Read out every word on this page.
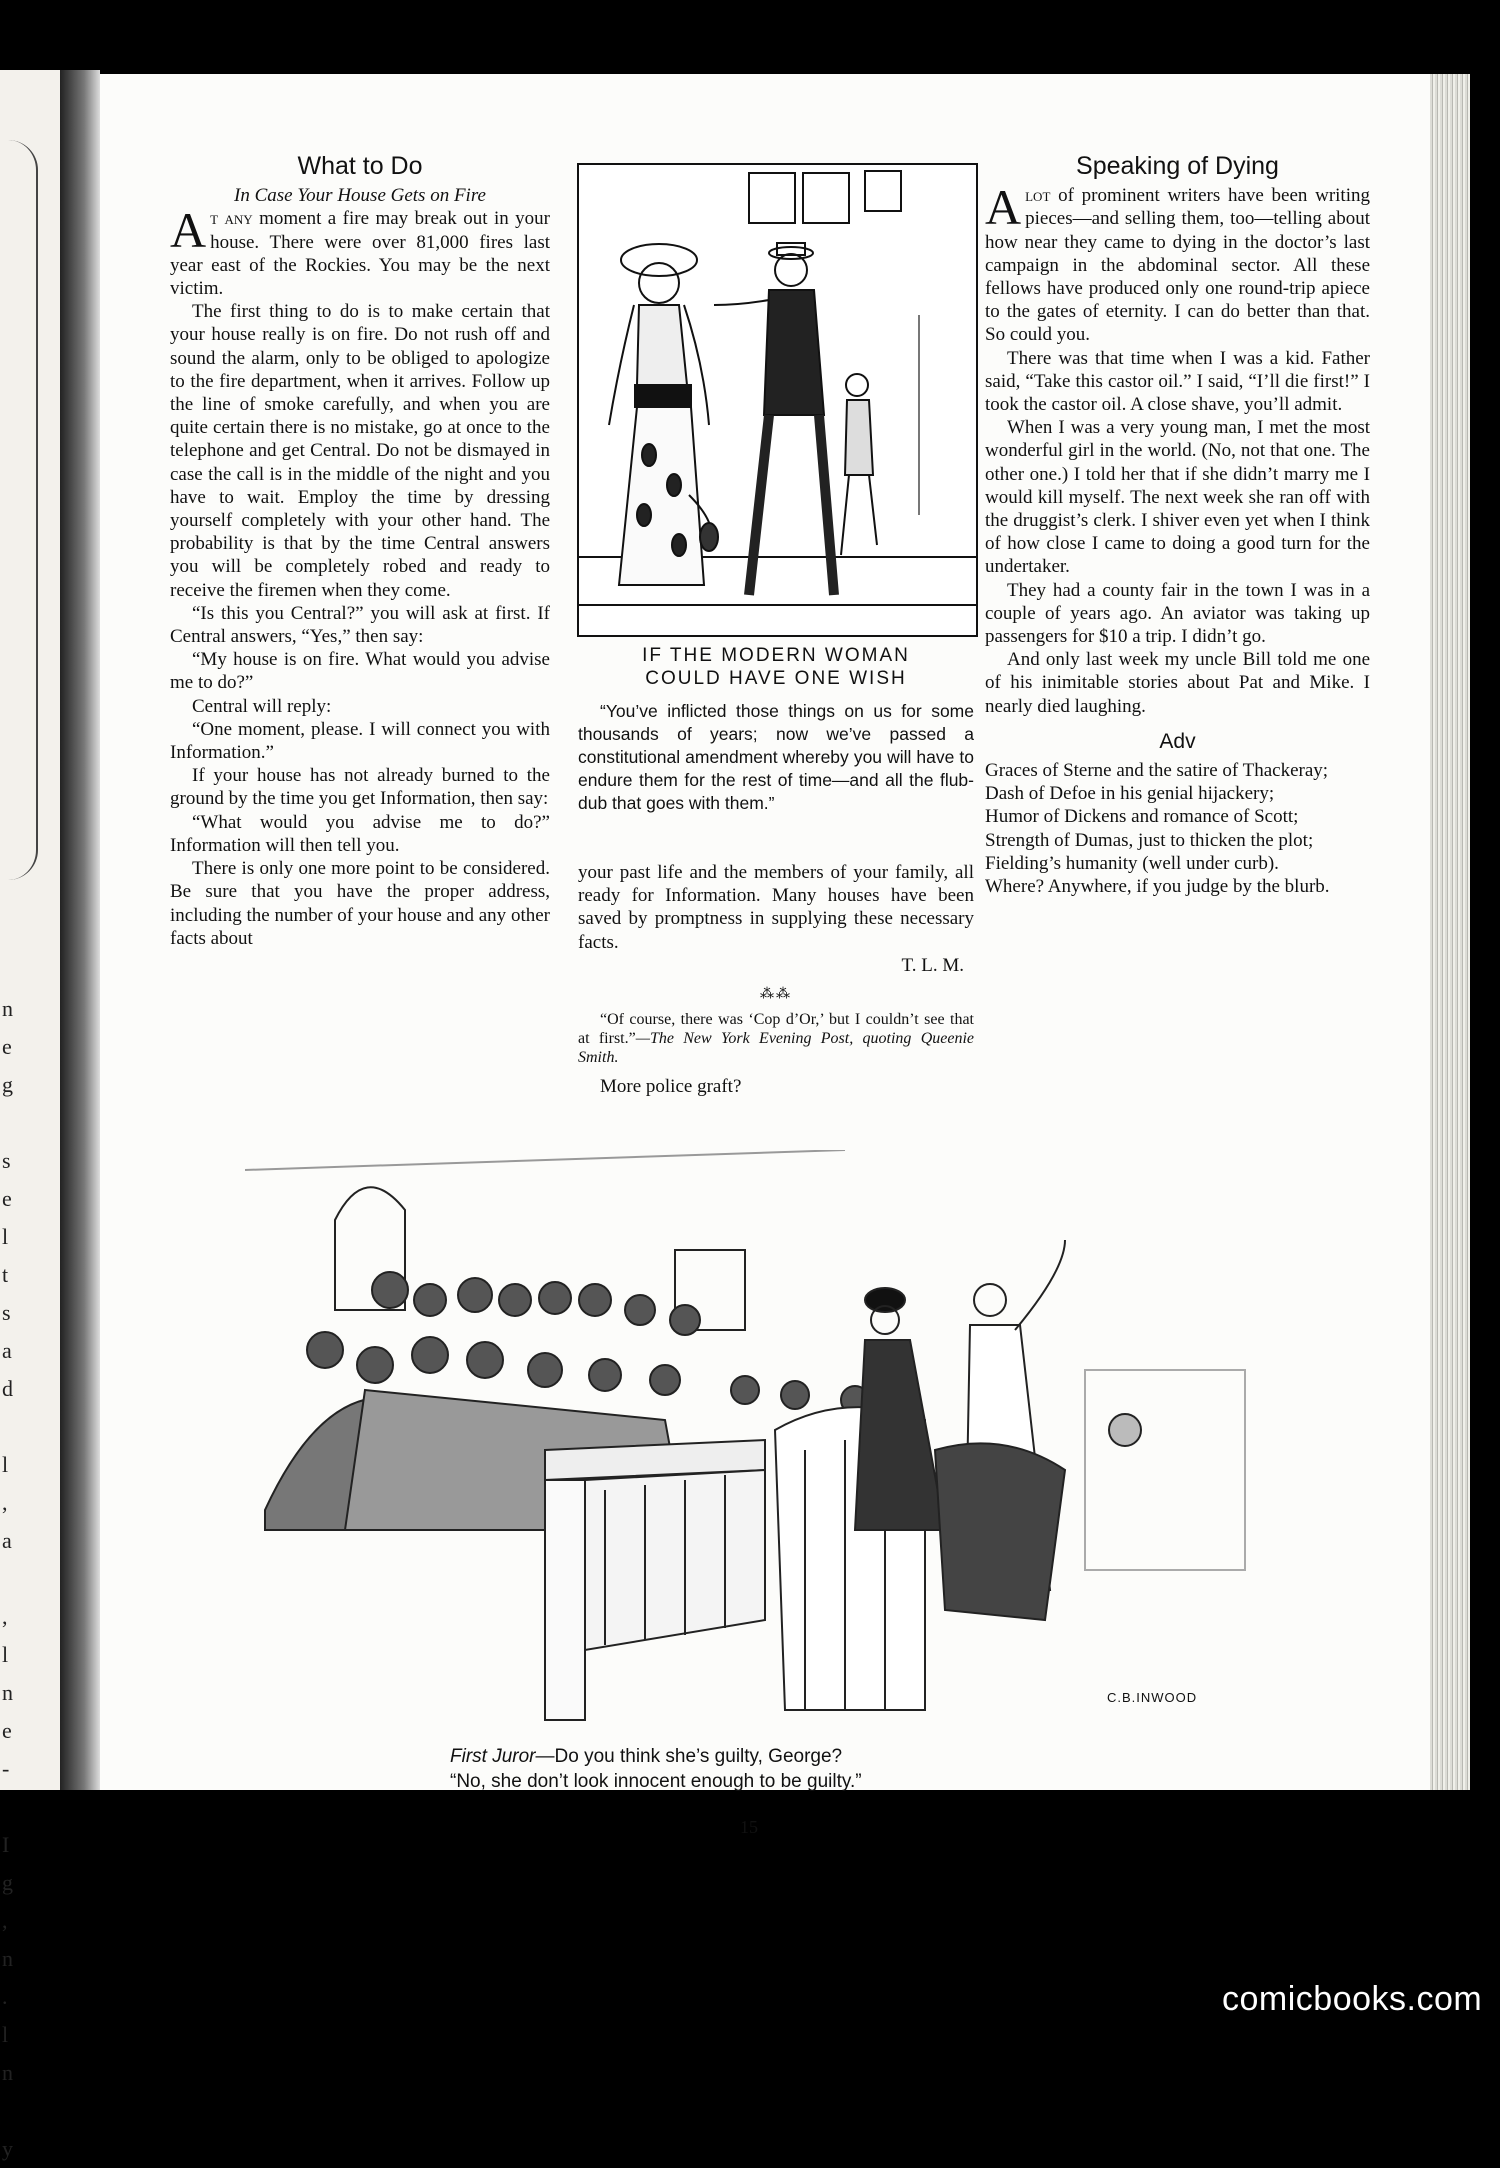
n
e
g

s
e
l
t
s
a
d

l
,
a

,
l
n
e
-

I
g
,
n
.
l
n

y
What to Do

In Case Your House Gets on Fire

At any moment a fire may break out in your house. There were over 81,000 fires last year east of the Rockies. You may be the next victim.

The first thing to do is to make certain that your house really is on fire. Do not rush off and sound the alarm, only to be obliged to apologize to the fire department, when it arrives. Follow up the line of smoke carefully, and when you are quite certain there is no mistake, go at once to the telephone and get Central. Do not be dismayed in case the call is in the middle of the night and you have to wait. Employ the time by dressing yourself completely with your other hand. The probability is that by the time Central answers you will be completely robed and ready to receive the firemen when they come.

“Is this you Central?” you will ask at first. If Central answers, “Yes,” then say:

“My house is on fire. What would you advise me to do?”

Central will reply:

“One moment, please. I will connect you with Information.”

If your house has not already burned to the ground by the time you get Information, then say:

“What would you advise me to do?” Information will then tell you.

There is only one more point to be considered. Be sure that you have the proper address, including the number of your house and any other facts about

IF THE MODERN WOMAN
COULD HAVE ONE WISH

“You’ve inflicted those things on us for some thousands of years; now we’ve passed a constitutional amendment whereby you will have to endure them for the rest of time—and all the flub-dub that goes with them.”

your past life and the members of your family, all ready for Information. Many houses have been saved by promptness in supplying these necessary facts.

T. L. M.

⁂⁂

“Of course, there was ‘Cop d’Or,’ but I couldn’t see that at first.”—The New York Evening Post, quoting Queenie Smith.

More police graft?

Speaking of Dying

Alot of prominent writers have been writing pieces—and selling them, too—telling about how near they came to dying in the doctor’s last campaign in the abdominal sector. All these fellows have produced only one round-trip apiece to the gates of eternity. I can do better than that. So could you.

There was that time when I was a kid. Father said, “Take this castor oil.” I said, “I’ll die first!” I took the castor oil. A close shave, you’ll admit.

When I was a very young man, I met the most wonderful girl in the world. (No, not that one. The other one.) I told her that if she didn’t marry me I would kill myself. The next week she ran off with the druggist’s clerk. I shiver even yet when I think of how close I came to doing a good turn for the undertaker.

They had a county fair in the town I was in a couple of years ago. An aviator was taking up passengers for $10 a trip. I didn’t go.

And only last week my uncle Bill told me one of his inimitable stories about Pat and Mike. I nearly died laughing.

Adv

Graces of Sterne and the satire of Thackeray;

Dash of Defoe in his genial hijackery;

Humor of Dickens and romance of Scott;

Strength of Dumas, just to thicken the plot;

Fielding’s humanity (well under curb).

Where? Anywhere, if you judge by the blurb.

C.B.INWOOD
First Juror—Do you think she’s guilty, George?
“No, she don’t look innocent enough to be guilty.”
15
comicbooks.com
